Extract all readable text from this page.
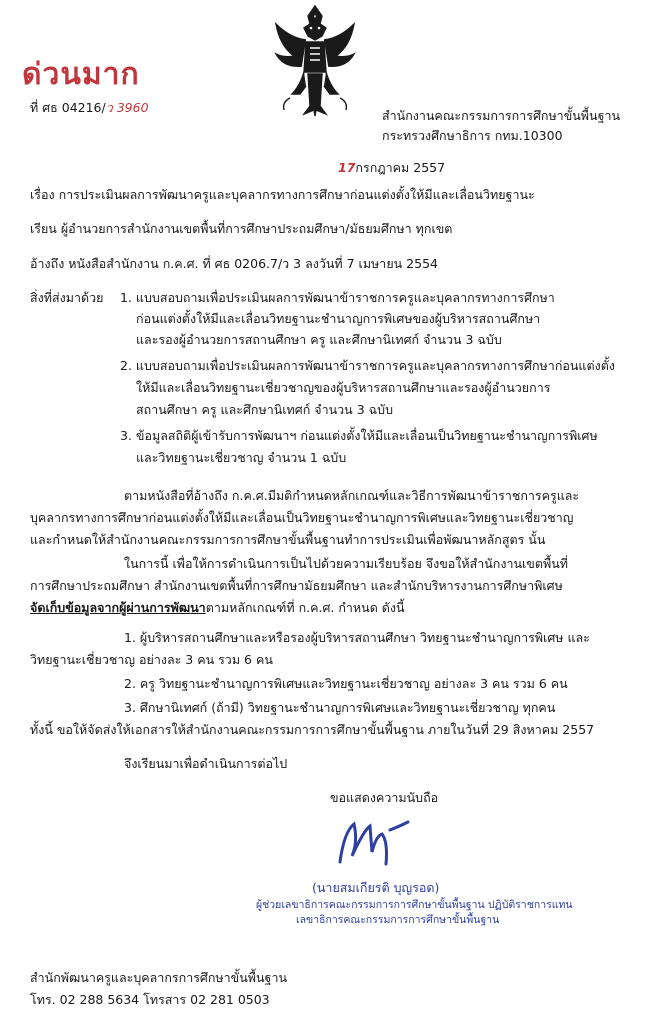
ด่วนมาก
ที่ ศธ 04216/ว 3960
สำนักงานคณะกรรมการการศึกษาขั้นพื้นฐาน
กระทรวงศึกษาธิการ กทม.10300
17กรกฎาคม 2557
เรื่อง การประเมินผลการพัฒนาครูและบุคลากรทางการศึกษาก่อนแต่งตั้งให้มีและเลื่อนวิทยฐานะ
เรียน ผู้อำนวยการสำนักงานเขตพื้นที่การศึกษาประถมศึกษา/มัธยมศึกษา ทุกเขต
อ้างถึง หนังสือสำนักงาน ก.ค.ศ. ที่ ศธ 0206.7/ว 3 ลงวันที่ 7 เมษายน 2554
สิ่งที่ส่งมาด้วย 1. แบบสอบถามเพื่อประเมินผลการพัฒนาข้าราชการครูและบุคลากรทางการศึกษา
ก่อนแต่งตั้งให้มีและเลื่อนวิทยฐานะชำนาญการพิเศษของผู้บริหารสถานศึกษา
และรองผู้อำนวยการสถานศึกษา ครู และศึกษานิเทศก์ จำนวน 3 ฉบับ
2. แบบสอบถามเพื่อประเมินผลการพัฒนาข้าราชการครูและบุคลากรทางการศึกษาก่อนแต่งตั้ง
ให้มีและเลื่อนวิทยฐานะเชี่ยวชาญของผู้บริหารสถานศึกษาและรองผู้อำนวยการ
สถานศึกษา ครู และศึกษานิเทศก์ จำนวน 3 ฉบับ
3. ข้อมูลสถิติผู้เข้ารับการพัฒนาฯ ก่อนแต่งตั้งให้มีและเลื่อนเป็นวิทยฐานะชำนาญการพิเศษ
และวิทยฐานะเชี่ยวชาญ จำนวน 1 ฉบับ
ตามหนังสือที่อ้างถึง ก.ค.ศ.มีมติกำหนดหลักเกณฑ์และวิธีการพัฒนาข้าราชการครูและ
บุคลากรทางการศึกษาก่อนแต่งตั้งให้มีและเลื่อนเป็นวิทยฐานะชำนาญการพิเศษและวิทยฐานะเชี่ยวชาญ
และกำหนดให้สำนักงานคณะกรรมการการศึกษาขั้นพื้นฐานทำการประเมินเพื่อพัฒนาหลักสูตร นั้น
ในการนี้ เพื่อให้การดำเนินการเป็นไปด้วยความเรียบร้อย จึงขอให้สำนักงานเขตพื้นที่
การศึกษาประถมศึกษา สำนักงานเขตพื้นที่การศึกษามัธยมศึกษา และสำนักบริหารงานการศึกษาพิเศษ
จัดเก็บข้อมูลจากผู้ผ่านการพัฒนาตามหลักเกณฑ์ที่ ก.ค.ศ. กำหนด ดังนี้
1. ผู้บริหารสถานศึกษาและหรือรองผู้บริหารสถานศึกษา วิทยฐานะชำนาญการพิเศษ และ
วิทยฐานะเชี่ยวชาญ อย่างละ 3 คน รวม 6 คน
2. ครู วิทยฐานะชำนาญการพิเศษและวิทยฐานะเชี่ยวชาญ อย่างละ 3 คน รวม 6 คน
3. ศึกษานิเทศก์ (ถ้ามี) วิทยฐานะชำนาญการพิเศษและวิทยฐานะเชี่ยวชาญ ทุกคน
ทั้งนี้ ขอให้จัดส่งให้เอกสารให้สำนักงานคณะกรรมการการศึกษาขั้นพื้นฐาน ภายในวันที่ 29 สิงหาคม 2557
จึงเรียนมาเพื่อดำเนินการต่อไป
ขอแสดงความนับถือ
(นายสมเกียรติ บุญรอด)
ผู้ช่วยเลขาธิการคณะกรรมการการศึกษาขั้นพื้นฐาน ปฏิบัติราชการแทน
เลขาธิการคณะกรรมการการศึกษาขั้นพื้นฐาน
สำนักพัฒนาครูและบุคลากรการศึกษาขั้นพื้นฐาน
โทร. 02 288 5634 โทรสาร 02 281 0503
